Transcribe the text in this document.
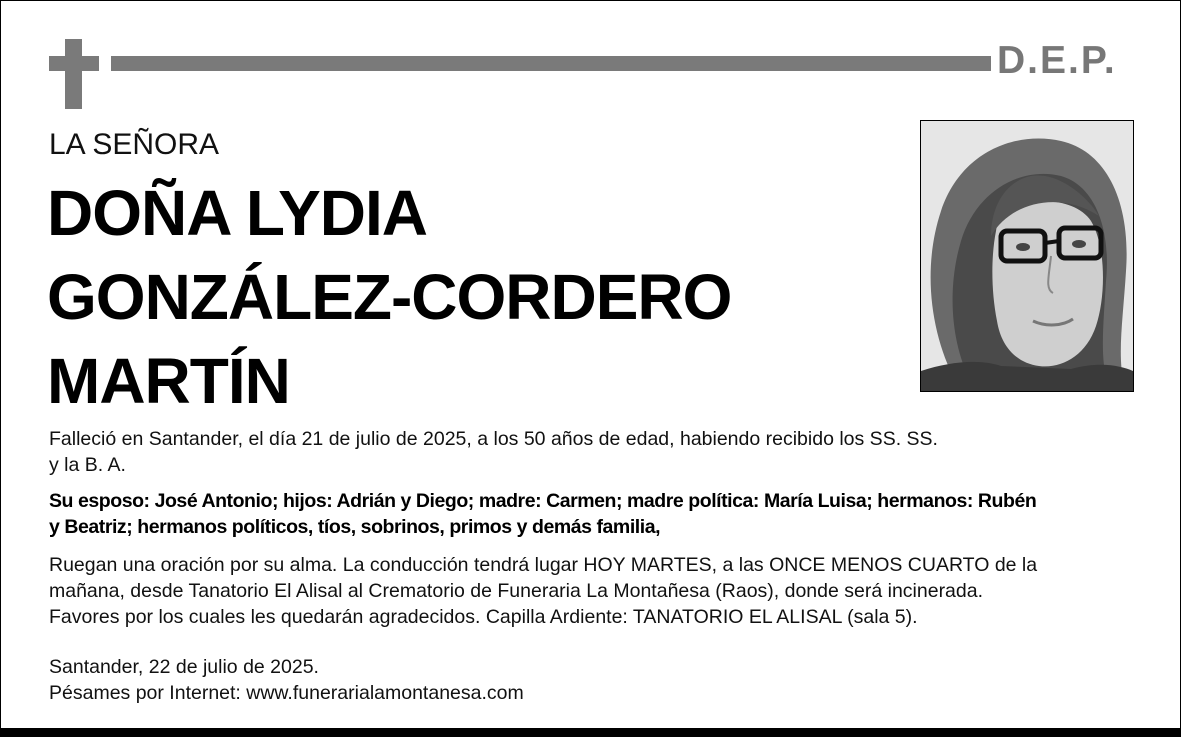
D.E.P.
LA SEÑORA
DOÑA LYDIA
GONZÁLEZ-CORDERO
MARTÍN
Falleció en Santander, el día 21 de julio de 2025, a los 50 años de edad, habiendo recibido los SS. SS.
y la B. A.
Su esposo: José Antonio; hijos: Adrián y Diego; madre: Carmen; madre política: María Luisa; hermanos: Rubén
y Beatriz; hermanos políticos, tíos, sobrinos, primos y demás familia,
Ruegan una oración por su alma. La conducción tendrá lugar HOY MARTES, a las ONCE MENOS CUARTO de la
mañana, desde Tanatorio El Alisal al Crematorio de Funeraria La Montañesa (Raos), donde será incinerada.
Favores por los cuales les quedarán agradecidos. Capilla Ardiente: TANATORIO EL ALISAL (sala 5).
Santander, 22 de julio de 2025.
Pésames por Internet: www.funerarialamontanesa.com
